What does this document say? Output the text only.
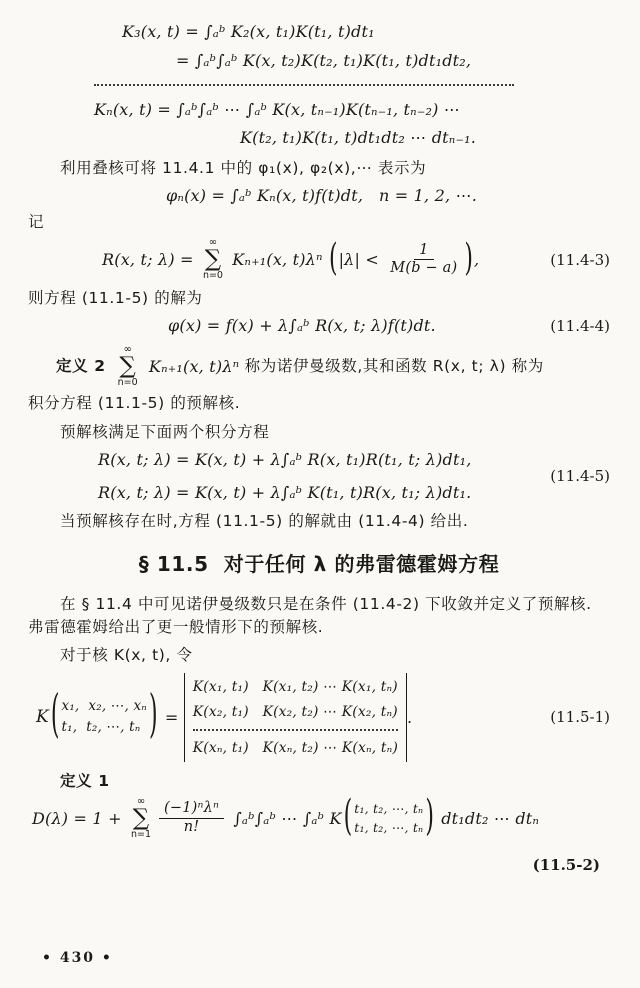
K₃(x, t) = ∫ₐᵇ K₂(x, t₁)K(t₁, t)dt₁
= ∫ₐᵇ∫ₐᵇ K(x, t₂)K(t₂, t₁)K(t₁, t)dt₁dt₂,
Kₙ(x, t) = ∫ₐᵇ∫ₐᵇ ⋯ ∫ₐᵇ K(x, tₙ₋₁)K(tₙ₋₁, tₙ₋₂) ⋯
K(t₂, t₁)K(t₁, t)dt₁dt₂ ⋯ dtₙ₋₁.
利用叠核可将 11.4.1 中的 φ₁(x), φ₂(x),⋯ 表示为
φₙ(x) = ∫ₐᵇ Kₙ(x, t)f(t)dt,   n = 1, 2, ⋯.
记
R(x, t; λ) =
∞
∑
n=0
Kₙ₊₁(x, t)λⁿ ( $|\lambda| < \frac{1}{M(b - a)}$ ) ,	(11.4-3)
则方程 (11.1-5) 的解为
φ(x) = f(x) + λ∫ₐᵇ R(x, t; λ)f(t)dt.	(11.4-4)
定义 2
∞
∑
n=0
Kₙ₊₁(x, t)λⁿ 称为诺伊曼级数,其和函数 R(x, t; λ) 称为
积分方程 (11.1-5) 的预解核.
预解核满足下面两个积分方程
R(x, t; λ) = K(x, t) + λ∫ₐᵇ R(x, t₁)R(t₁, t; λ)dt₁,
R(x, t; λ) = K(x, t) + λ∫ₐᵇ K(t₁, t)R(x, t₁; λ)dt₁.
(11.4-5)
当预解核存在时,方程 (11.1-5) 的解就由 (11.4-4) 给出.
§ 11.5  对于任何 λ 的弗雷德霍姆方程
在 § 11.4 中可见诺伊曼级数只是在条件 (11.4-2) 下收敛并定义了预解核.
弗雷德霍姆给出了更一般情形下的预解核.
对于核 K(x, t), 令
K ( x₁,  x₂, ⋯, xₙ
t₁,  t₂, ⋯, tₙ ) =
K(x₁, t₁)   K(x₁, t₂) ⋯ K(x₁, tₙ)
K(x₂, t₁)   K(x₂, t₂) ⋯ K(x₂, tₙ)
K(xₙ, t₁)   K(xₙ, t₂) ⋯ K(xₙ, tₙ)
.	(11.5-1)
定义 1
D(λ) = 1 +
∞
∑
$n=1 \frac{\text{(−1)ⁿλⁿ}}{n!}$ ∫ₐᵇ∫ₐᵇ ⋯ ∫ₐᵇ K ( t₁, t₂, ⋯, tₙ
t₁, t₂, ⋯, tₙ ) dt₁dt₂ ⋯ dtₙ
(11.5-2)
• 430 •
